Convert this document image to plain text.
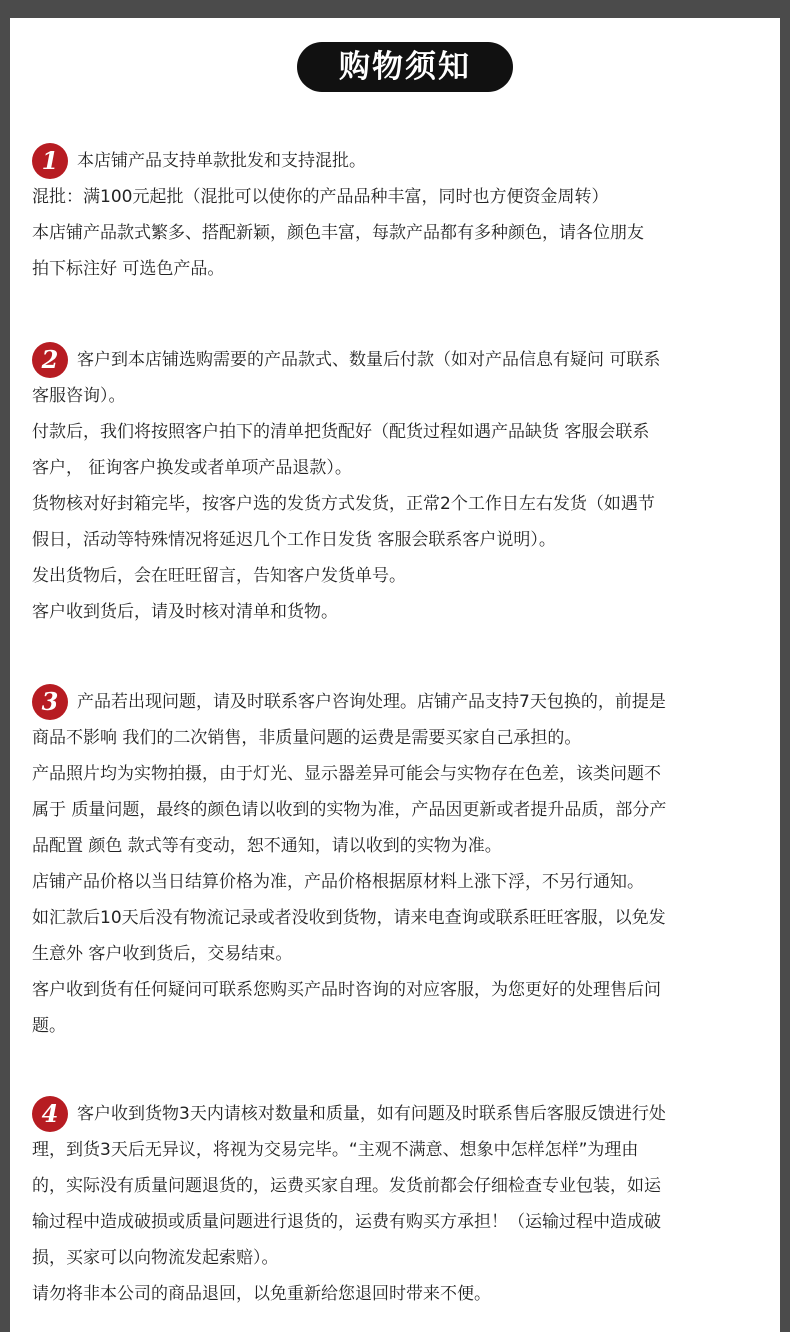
购物须知
1	本店铺产品支持单款批发和支持混批。
混批：满100元起批（混批可以使你的产品品种丰富，同时也方便资金周转）
本店铺产品款式繁多、搭配新颖，颜色丰富，每款产品都有多种颜色，请各位朋友
拍下标注好 可选色产品。
2	客户到本店铺选购需要的产品款式、数量后付款（如对产品信息有疑问 可联系
客服咨询）。
付款后，我们将按照客户拍下的清单把货配好（配货过程如遇产品缺货 客服会联系
客户， 征询客户换发或者单项产品退款）。
货物核对好封箱完毕，按客户选的发货方式发货，正常2个工作日左右发货（如遇节
假日，活动等特殊情况将延迟几个工作日发货 客服会联系客户说明）。
发出货物后，会在旺旺留言，告知客户发货单号。
客户收到货后，请及时核对清单和货物。
3	产品若出现问题，请及时联系客户咨询处理。店铺产品支持7天包换的，前提是
商品不影响 我们的二次销售，非质量问题的运费是需要买家自己承担的。
产品照片均为实物拍摄，由于灯光、显示器差异可能会与实物存在色差，该类问题不
属于 质量问题，最终的颜色请以收到的实物为准，产品因更新或者提升品质，部分产
品配置 颜色 款式等有变动，恕不通知，请以收到的实物为准。
店铺产品价格以当日结算价格为准，产品价格根据原材料上涨下浮，不另行通知。
如汇款后10天后没有物流记录或者没收到货物，请来电查询或联系旺旺客服，以免发
生意外 客户收到货后，交易结束。
客户收到货有任何疑问可联系您购买产品时咨询的对应客服，为您更好的处理售后问
题。
4	客户收到货物3天内请核对数量和质量，如有问题及时联系售后客服反馈进行处
理，到货3天后无异议，将视为交易完毕。“主观不满意、想象中怎样怎样”为理由
的，实际没有质量问题退货的，运费买家自理。发货前都会仔细检查专业包装，如运
输过程中造成破损或质量问题进行退货的，运费有购买方承担！（运输过程中造成破
损，买家可以向物流发起索赔）。
请勿将非本公司的商品退回，以免重新给您退回时带来不便。
